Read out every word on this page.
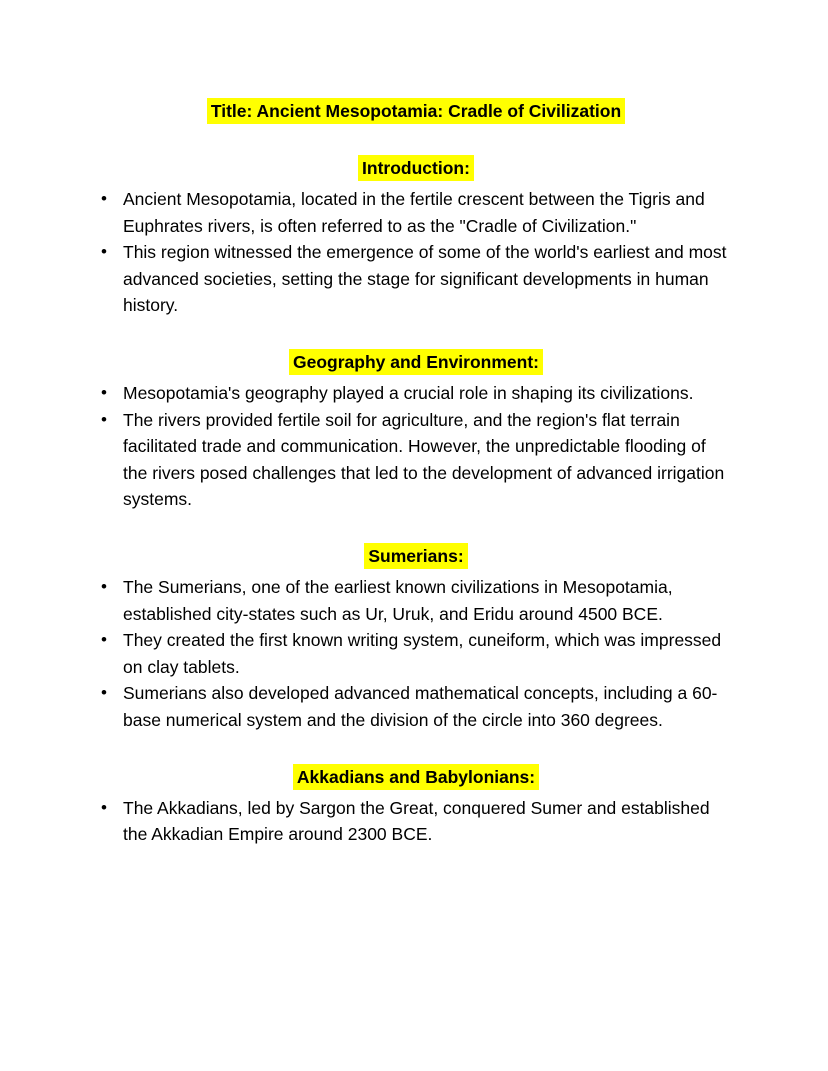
Title: Ancient Mesopotamia: Cradle of Civilization
Introduction:
• Ancient Mesopotamia, located in the fertile crescent between the Tigris and Euphrates rivers, is often referred to as the "Cradle of Civilization."
• This region witnessed the emergence of some of the world's earliest and most advanced societies, setting the stage for significant developments in human history.
Geography and Environment:
• Mesopotamia's geography played a crucial role in shaping its civilizations.
• The rivers provided fertile soil for agriculture, and the region's flat terrain facilitated trade and communication. However, the unpredictable flooding of the rivers posed challenges that led to the development of advanced irrigation systems.
Sumerians:
• The Sumerians, one of the earliest known civilizations in Mesopotamia, established city-states such as Ur, Uruk, and Eridu around 4500 BCE.
• They created the first known writing system, cuneiform, which was impressed on clay tablets.
• Sumerians also developed advanced mathematical concepts, including a 60-base numerical system and the division of the circle into 360 degrees.
Akkadians and Babylonians:
• The Akkadians, led by Sargon the Great, conquered Sumer and established the Akkadian Empire around 2300 BCE.
